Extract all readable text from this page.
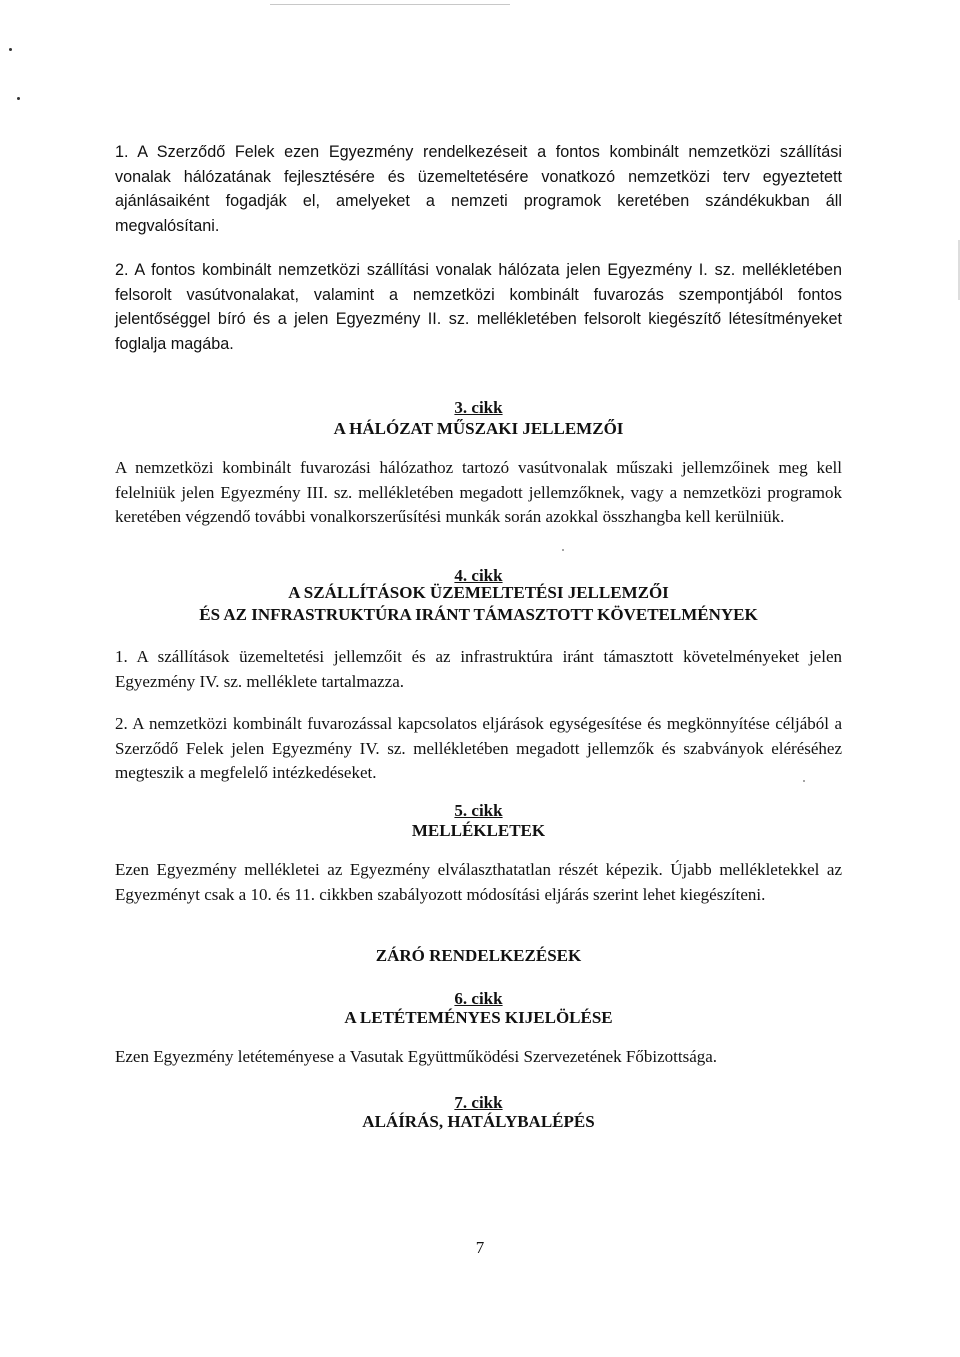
1. A Szerződő Felek ezen Egyezmény rendelkezéseit a fontos kombinált nemzetközi szállítási vonalak hálózatának fejlesztésére és üzemeltetésére vonatkozó nemzetközi terv egyeztetett ajánlásaiként fogadják el, amelyeket a nemzeti programok keretében szándékukban áll megvalósítani.

2. A fontos kombinált nemzetközi szállítási vonalak hálózata jelen Egyezmény I. sz. mellékletében felsorolt vasútvonalakat, valamint a nemzetközi kombinált fuvarozás szempontjából fontos jelentőséggel bíró és a jelen Egyezmény II. sz. mellékletében felsorolt kiegészítő létesítményeket foglalja magába.

3. cikk
A HÁLÓZAT MŰSZAKI JELLEMZŐI

A nemzetközi kombinált fuvarozási hálózathoz tartozó vasútvonalak műszaki jellemzőinek meg kell felelniük jelen Egyezmény III. sz. mellékletében megadott jellemzőknek, vagy a nemzetközi programok keretében végzendő további vonalkorszerűsítési munkák során azokkal összhangba kell kerülniük.

4. cikk
A SZÁLLÍTÁSOK ÜZEMELTETÉSI JELLEMZŐI
ÉS AZ INFRASTRUKTÚRA IRÁNT TÁMASZTOTT KÖVETELMÉNYEK

1. A szállítások üzemeltetési jellemzőit és az infrastruktúra iránt támasztott követelményeket jelen Egyezmény IV. sz. melléklete tartalmazza.

2. A nemzetközi kombinált fuvarozással kapcsolatos eljárások egységesítése és megkönnyítése céljából a Szerződő Felek jelen Egyezmény IV. sz. mellékletében megadott jellemzők és szabványok eléréséhez megteszik a megfelelő intézkedéseket.

5. cikk
MELLÉKLETEK

Ezen Egyezmény mellékletei az Egyezmény elválaszthatatlan részét képezik. Újabb mellékletekkel az Egyezményt csak a 10. és 11. cikkben szabályozott módosítási eljárás szerint lehet kiegészíteni.

ZÁRÓ RENDELKEZÉSEK
6. cikk
A LETÉTEMÉNYES KIJELÖLÉSE

Ezen Egyezmény letéteményese a Vasutak Együttműködési Szervezetének Főbizottsága.

7. cikk
ALÁÍRÁS, HATÁLYBALÉPÉS
7
